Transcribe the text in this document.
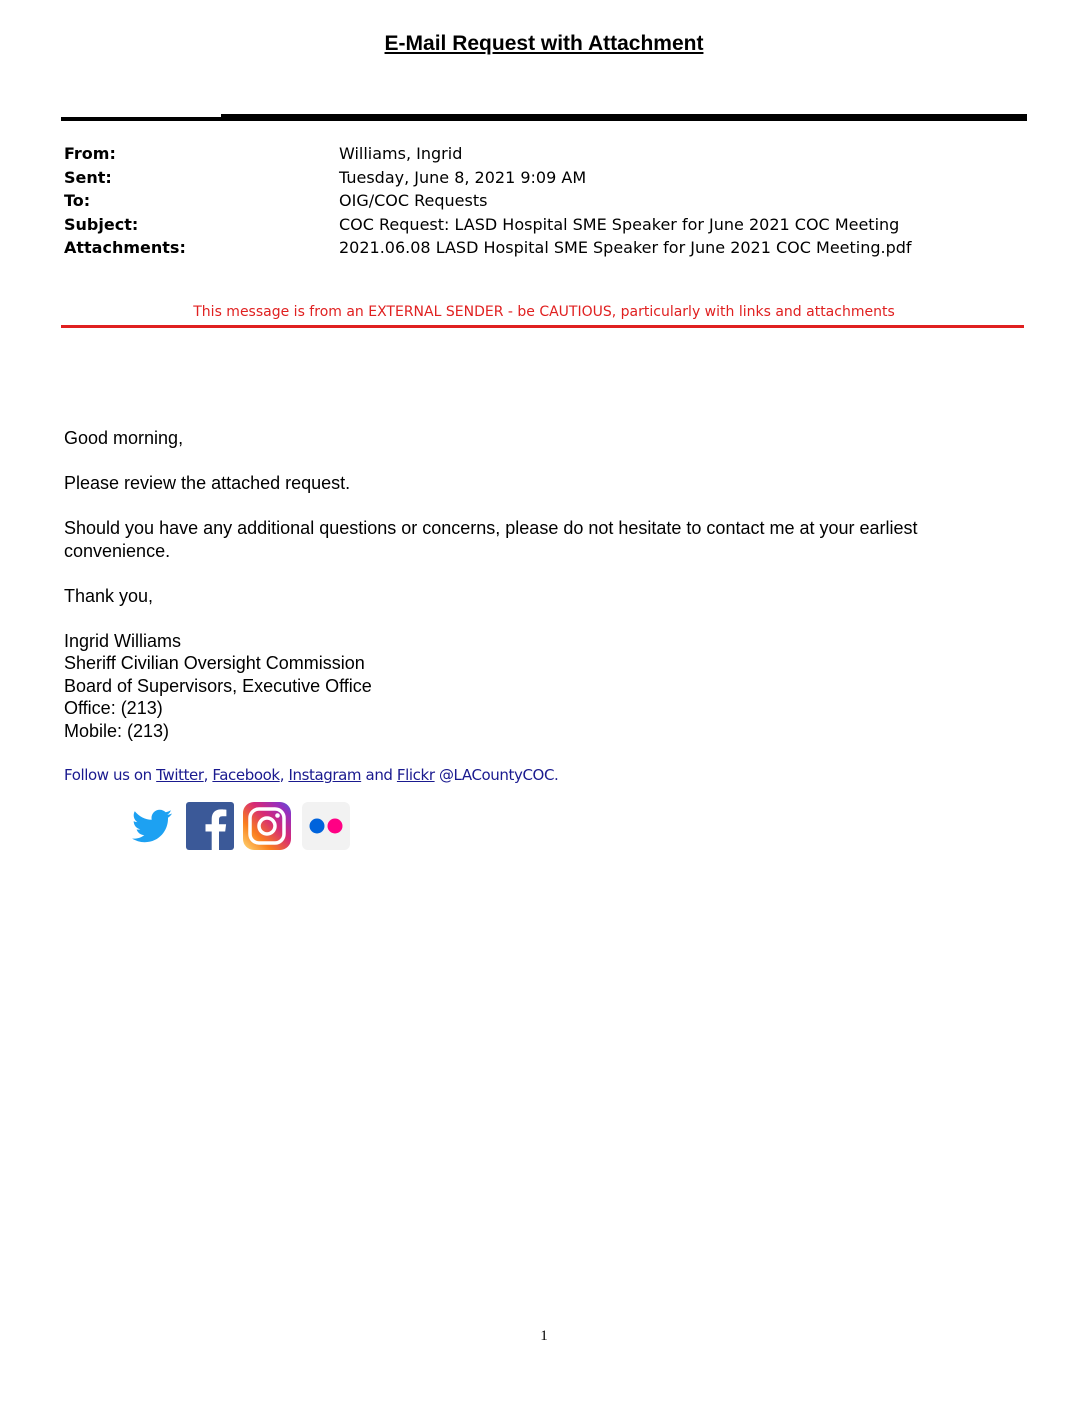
E-Mail Request with Attachment
From:	Williams, Ingrid
Sent:	Tuesday, June 8, 2021 9:09 AM
To:	OIG/COC Requests
Subject:	COC Request: LASD Hospital SME Speaker for June 2021 COC Meeting
Attachments:	2021.06.08 LASD Hospital SME Speaker for June 2021 COC Meeting.pdf
This message is from an EXTERNAL SENDER - be CAUTIOUS, particularly with links and attachments

Good morning,

Please review the attached request.

Should you have any additional questions or concerns, please do not hesitate to contact me at your earliest convenience.

Thank you,

Ingrid Williams

Sheriff Civilian Oversight Commission

Board of Supervisors, Executive Office

Office: (213)

Mobile: (213)

Follow us on Twitter, Facebook, Instagram and Flickr @LACountyCOC.
1
